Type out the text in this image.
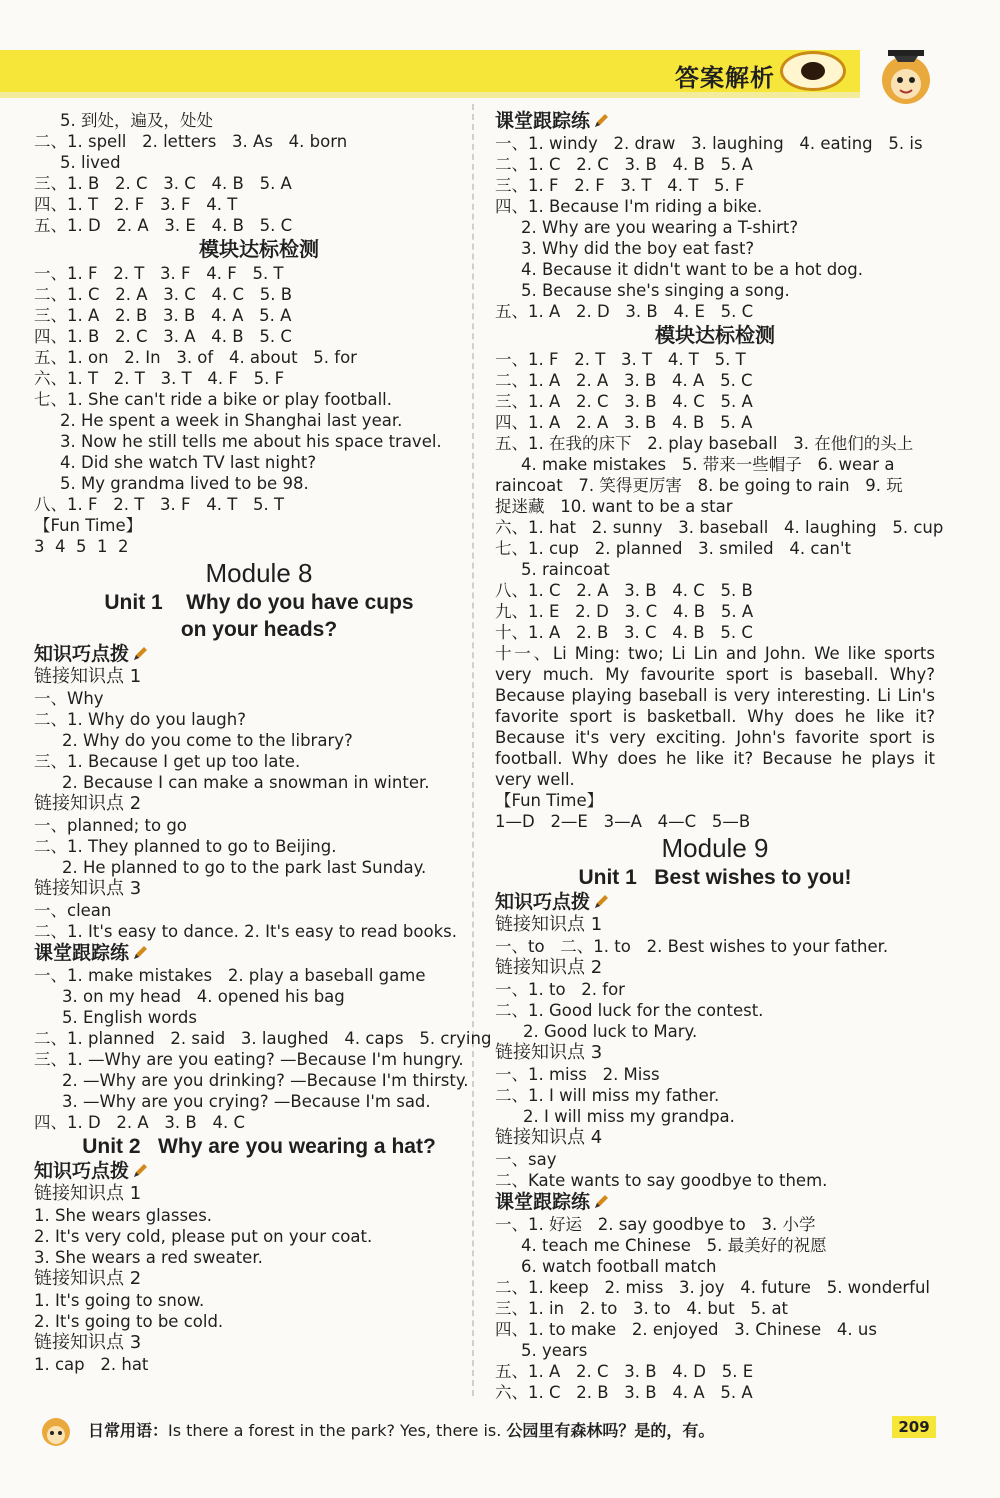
答案解析

5. 到处，遍及，处处

二、1. spell   2. letters   3. As   4. born

5. lived

三、1. B   2. C   3. C   4. B   5. A

四、1. T   2. F   3. F   4. T

五、1. D   2. A   3. E   4. B   5. C

模块达标检测

一、1. F   2. T   3. F   4. F   5. T

二、1. C   2. A   3. C   4. C   5. B

三、1. A   2. B   3. B   4. A   5. A

四、1. B   2. C   3. A   4. B   5. C

五、1. on   2. In   3. of   4. about   5. for

六、1. T   2. T   3. T   4. F   5. F

七、1. She can't ride a bike or play football.

2. He spent a week in Shanghai last year.

3. Now he still tells me about his space travel.

4. Did she watch TV last night?

5. My grandma lived to be 98.

八、1. F   2. T   3. F   4. T   5. T

【Fun Time】

3  4  5  1  2

Module 8

Unit 1    Why do you have cups

on your heads?

知识巧点拨

链接知识点 1

一、Why

二、1. Why do you laugh?

2. Why do you come to the library?

三、1. Because I get up too late.

2. Because I can make a snowman in winter.

链接知识点 2

一、planned; to go

二、1. They planned to go to Beijing.

2. He planned to go to the park last Sunday.

链接知识点 3

一、clean

二、1. It's easy to dance. 2. It's easy to read books.

课堂跟踪练

一、1. make mistakes   2. play a baseball game

3. on my head   4. opened his bag

5. English words

二、1. planned   2. said   3. laughed   4. caps   5. crying

三、1. —Why are you eating? —Because I'm hungry.

2. —Why are you drinking? —Because I'm thirsty.

3. —Why are you crying? —Because I'm sad.

四、1. D   2. A   3. B   4. C

Unit 2   Why are you wearing a hat?

知识巧点拨

链接知识点 1

1. She wears glasses.

2. It's very cold, please put on your coat.

3. She wears a red sweater.

链接知识点 2

1. It's going to snow.

2. It's going to be cold.

链接知识点 3

1. cap   2. hat

课堂跟踪练

一、1. windy   2. draw   3. laughing   4. eating   5. is

二、1. C   2. C   3. B   4. B   5. A

三、1. F   2. F   3. T   4. T   5. F

四、1. Because I'm riding a bike.

2. Why are you wearing a T-shirt?

3. Why did the boy eat fast?

4. Because it didn't want to be a hot dog.

5. Because she's singing a song.

五、1. A   2. D   3. B   4. E   5. C

模块达标检测

一、1. F   2. T   3. T   4. T   5. T

二、1. A   2. A   3. B   4. A   5. C

三、1. A   2. C   3. B   4. C   5. A

四、1. A   2. A   3. B   4. B   5. A

五、1. 在我的床下   2. play baseball   3. 在他们的头上

4. make mistakes   5. 带来一些帽子   6. wear a

raincoat   7. 笑得更厉害   8. be going to rain   9. 玩

捉迷藏   10. want to be a star

六、1. hat   2. sunny   3. baseball   4. laughing   5. cup

七、1. cup   2. planned   3. smiled   4. can't

5. raincoat

八、1. C   2. A   3. B   4. C   5. B

九、1. E   2. D   3. C   4. B   5. A

十、1. A   2. B   3. C   4. B   5. C

十一、Li Ming: two; Li Lin and John. We like sports very much. My favourite sport is baseball. Why? Because playing baseball is very interesting. Li Lin's favorite sport is basketball. Why does he like it? Because it's very exciting. John's favorite sport is football. Why does he like it? Because he plays it very well.

【Fun Time】

1—D   2—E   3—A   4—C   5—B

Module 9

Unit 1   Best wishes to you!

知识巧点拨

链接知识点 1

一、to   二、1. to   2. Best wishes to your father.

链接知识点 2

一、1. to   2. for

二、1. Good luck for the contest.

2. Good luck to Mary.

链接知识点 3

一、1. miss   2. Miss

二、1. I will miss my father.

2. I will miss my grandpa.

链接知识点 4

一、say

二、Kate wants to say goodbye to them.

课堂跟踪练

一、1. 好运   2. say goodbye to   3. 小学

4. teach me Chinese   5. 最美好的祝愿

6. watch football match

二、1. keep   2. miss   3. joy   4. future   5. wonderful

三、1. in   2. to   3. to   4. but   5. at

四、1. to make   2. enjoyed   3. Chinese   4. us

5. years

五、1. A   2. C   3. B   4. D   5. E

六、1. C   2. B   3. B   4. A   5. A

日常用语：Is there a forest in the park? Yes, there is. 公园里有森林吗？是的，有。	209
